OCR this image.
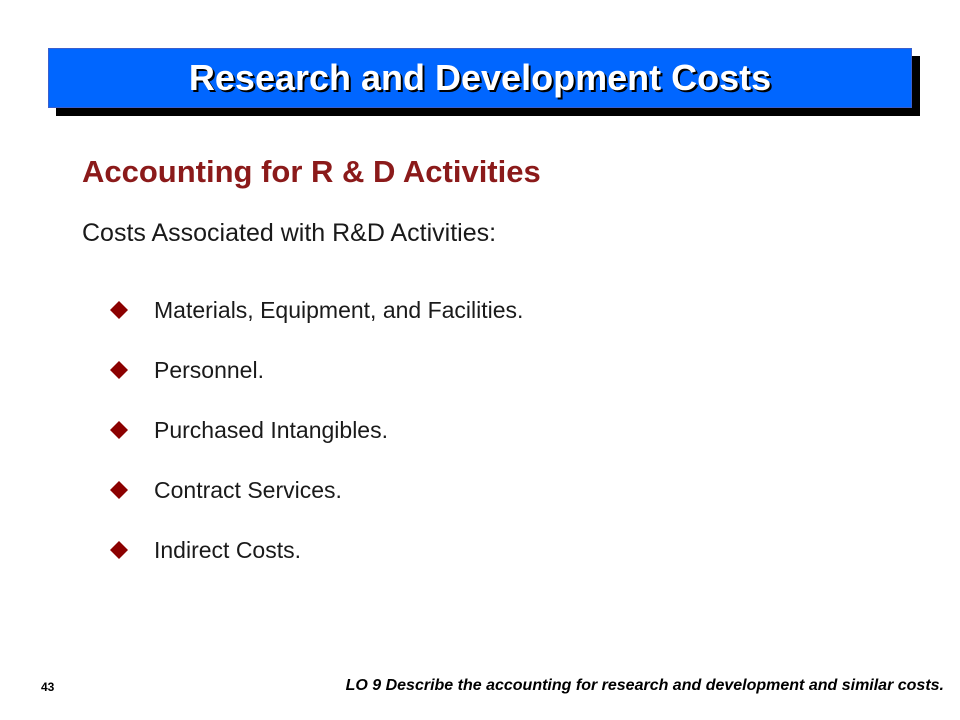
Research and Development Costs
Accounting for R & D Activities
Costs Associated with R&D Activities:
Materials, Equipment, and Facilities.
Personnel.
Purchased Intangibles.
Contract Services.
Indirect Costs.
43	LO 9 Describe the accounting for research and development and similar costs.
